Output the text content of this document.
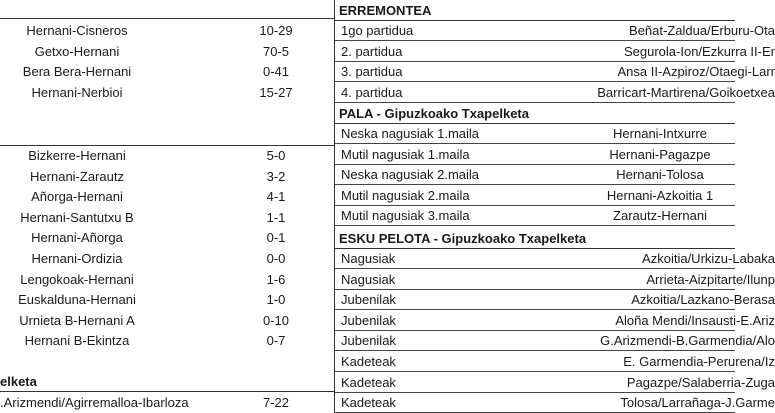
Hernani-Cisneros	10-29
Getxo-Hernani	70-5
Bera Bera-Hernani	0-41
Hernani-Nerbioi	15-27
Bizkerre-Hernani	5-0
Hernani-Zarautz	3-2
Añorga-Hernani	4-1
Hernani-Santutxu B	1-1
Hernani-Añorga	0-1
Hernani-Ordizia	0-0
Lengokoak-Hernani	1-6
Euskalduna-Hernani	1-0
Urnieta B-Hernani A	0-10
Hernani B-Ekintza	0-7
elketa
.Arizmendi/Agirremalloa-Ibarloza	7-22
ERREMONTEA
1go partidua	Beñat-Zaldua/Erburu-Ota
2. partidua	Segurola-Ion/Ezkurra II-Er
3. partidua	Ansa II-Azpiroz/Otaegi-Larr
4. partidua	Barricart-Martirena/Goikoetxea
PALA - Gipuzkoako Txapelketa
Neska nagusiak 1.maila	Hernani-Intxurre
Mutil nagusiak 1.maila	Hernani-Pagazpe
Neska nagusiak 2.maila	Hernani-Tolosa
Mutil nagusiak 2.maila	Hernani-Azkoitia 1
Mutil nagusiak 3.maila	Zarautz-Hernani
ESKU PELOTA - Gipuzkoako Txapelketa
Nagusiak	Azkoitia/Urkizu-Labaka
Nagusiak	Arrieta-Aizpitarte/Ilunp
Jubenilak	Azkoitia/Lazkano-Berasa
Jubenilak	Aloña Mendi/Insausti-E.Ariz
Jubenilak	G.Arizmendi-B.Garmendia/Alo
Kadeteak	E. Garmendia-Perurena/Iz
Kadeteak	Pagazpe/Salaberria-Zuga
Kadeteak	Tolosa/Larrañaga-J.Garme
